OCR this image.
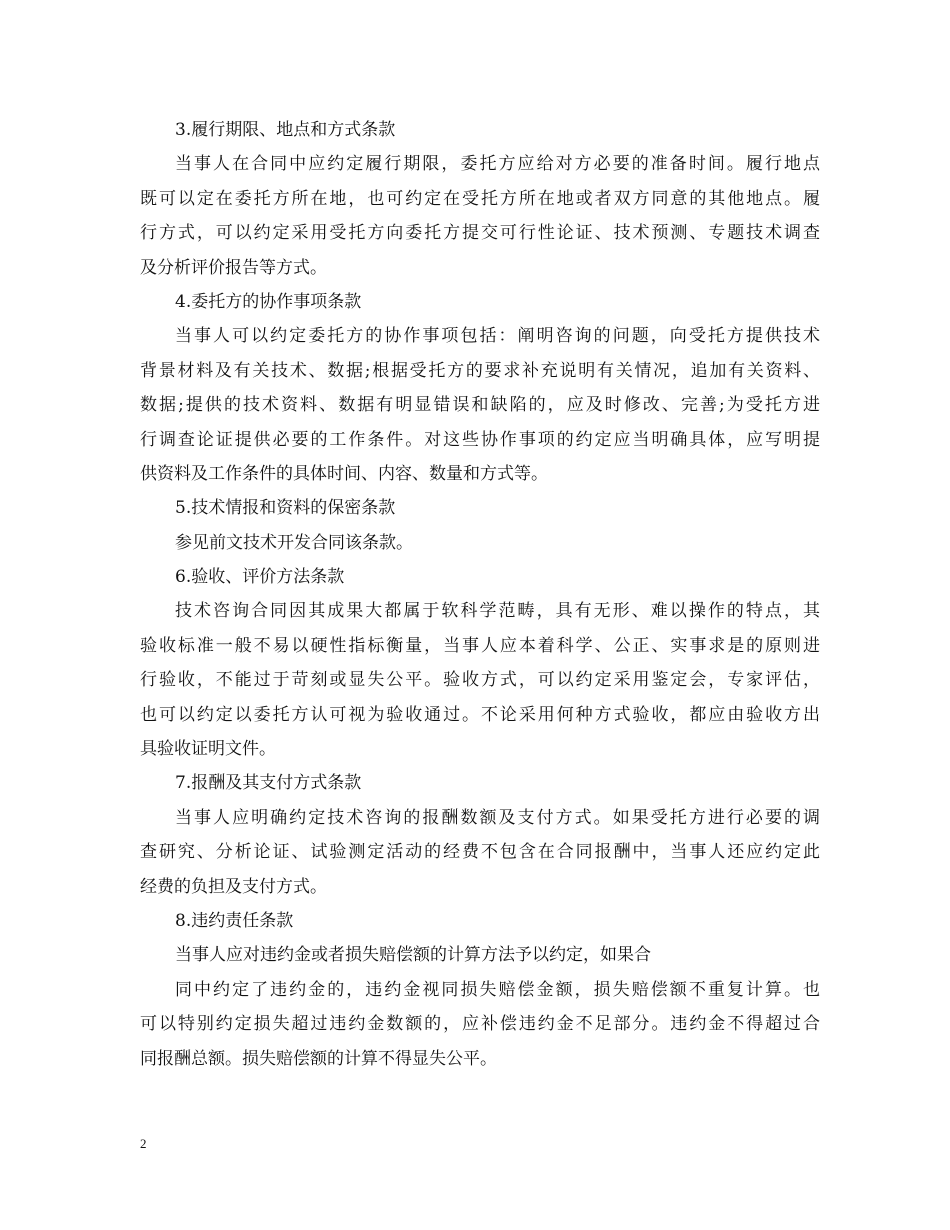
3.履行期限、地点和方式条款
当事人在合同中应约定履行期限，委托方应给对方必要的准备时间。履行地点
既可以定在委托方所在地，也可约定在受托方所在地或者双方同意的其他地点。履
行方式，可以约定采用受托方向委托方提交可行性论证、技术预测、专题技术调查
及分析评价报告等方式。
4.委托方的协作事项条款
当事人可以约定委托方的协作事项包括：阐明咨询的问题，向受托方提供技术
背景材料及有关技术、数据;根据受托方的要求补充说明有关情况，追加有关资料、
数据;提供的技术资料、数据有明显错误和缺陷的，应及时修改、完善;为受托方进
行调查论证提供必要的工作条件。对这些协作事项的约定应当明确具体，应写明提
供资料及工作条件的具体时间、内容、数量和方式等。
5.技术情报和资料的保密条款
参见前文技术开发合同该条款。
6.验收、评价方法条款
技术咨询合同因其成果大都属于软科学范畴，具有无形、难以操作的特点，其
验收标准一般不易以硬性指标衡量，当事人应本着科学、公正、实事求是的原则进
行验收，不能过于苛刻或显失公平。验收方式，可以约定采用鉴定会，专家评估，
也可以约定以委托方认可视为验收通过。不论采用何种方式验收，都应由验收方出
具验收证明文件。
7.报酬及其支付方式条款
当事人应明确约定技术咨询的报酬数额及支付方式。如果受托方进行必要的调
查研究、分析论证、试验测定活动的经费不包含在合同报酬中，当事人还应约定此
经费的负担及支付方式。
8.违约责任条款
当事人应对违约金或者损失赔偿额的计算方法予以约定，如果合
同中约定了违约金的，违约金视同损失赔偿金额，损失赔偿额不重复计算。也
可以特别约定损失超过违约金数额的，应补偿违约金不足部分。违约金不得超过合
同报酬总额。损失赔偿额的计算不得显失公平。
2
